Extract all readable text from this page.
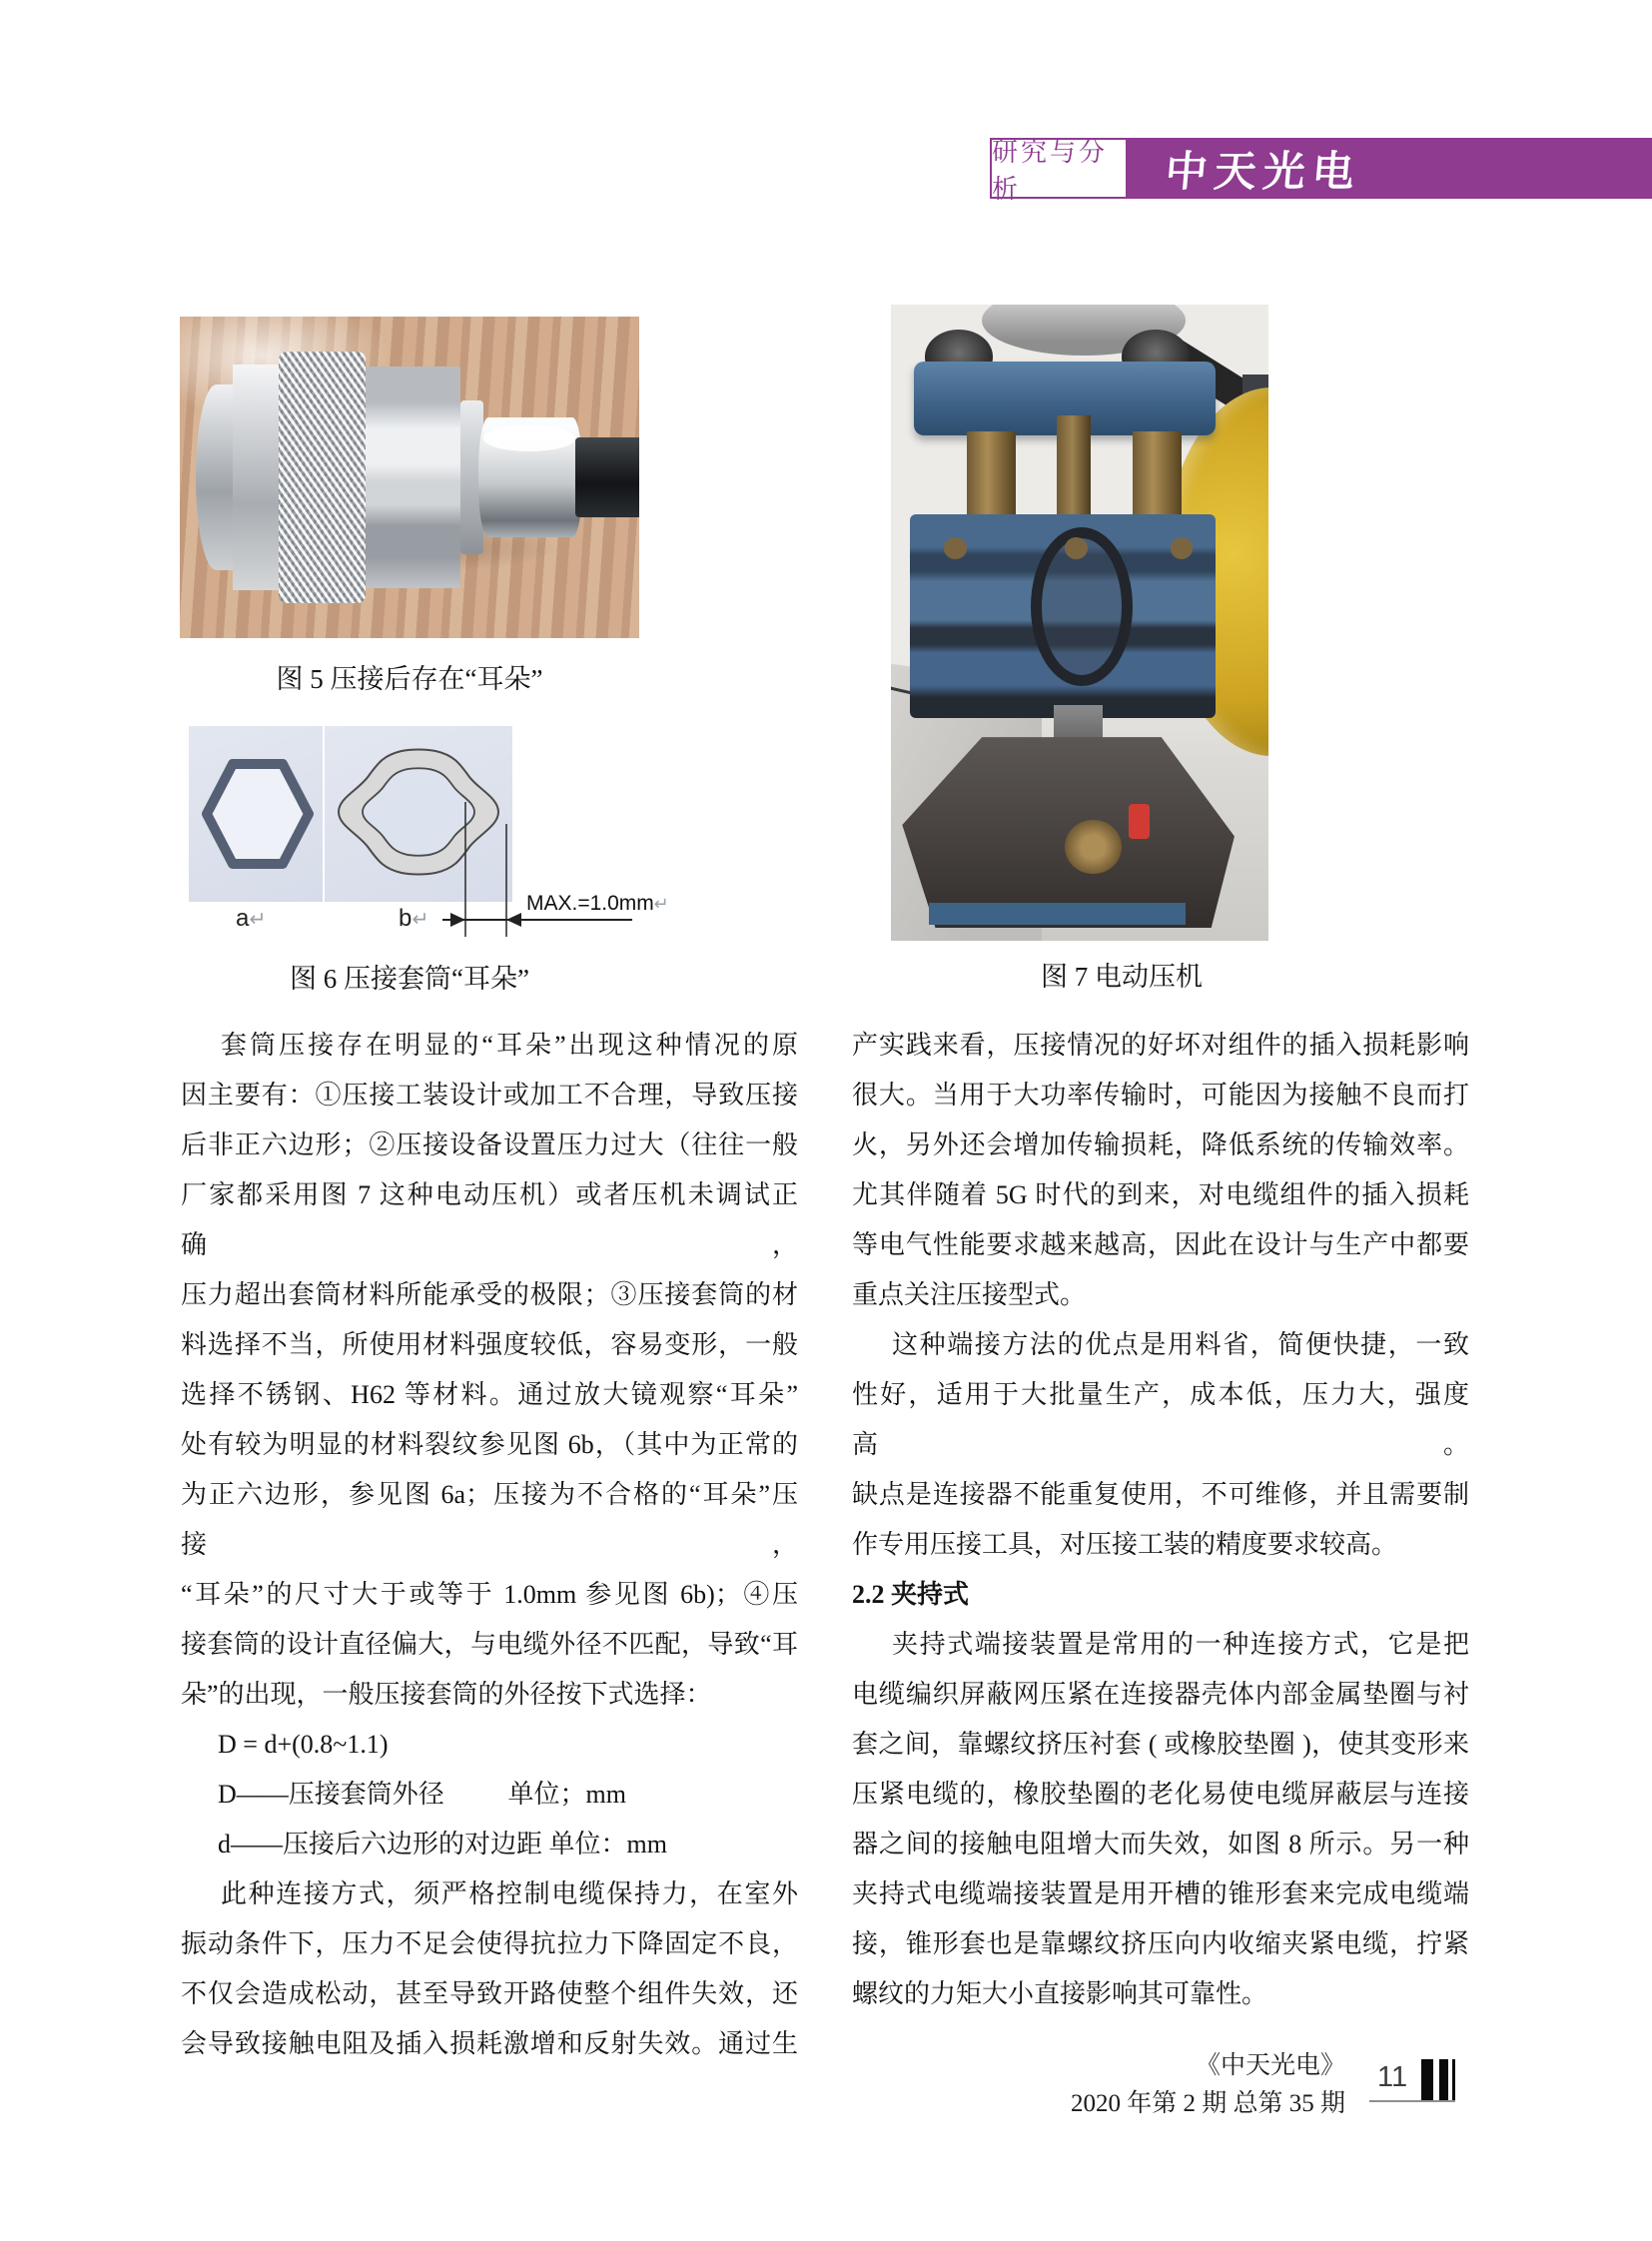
研究与分析	中天光电
图 5 压接后存在“耳朵”
MAX.=1.0mm↵
a↵	b↵
图 6 压接套筒“耳朵”	图 7 电动压机
套筒压接存在明显的“耳朵”出现这种情况的原
因主要有：①压接工装设计或加工不合理，导致压接
后非正六边形；②压接设备设置压力过大（往往一般
厂家都采用图 7 这种电动压机）或者压机未调试正确，
压力超出套筒材料所能承受的极限；③压接套筒的材
料选择不当，所使用材料强度较低，容易变形，一般
选择不锈钢、H62 等材料。通过放大镜观察“耳朵”
处有较为明显的材料裂纹参见图 6b，（其中为正常的
为正六边形，参见图 6a；压接为不合格的“耳朵”压接，
“耳朵”的尺寸大于或等于 1.0mm 参见图 6b)；④压
接套筒的设计直径偏大，与电缆外径不匹配，导致“耳
朵”的出现，一般压接套筒的外径按下式选择：
D = d+(0.8~1.1)
D——压接套筒外径 单位；mm
d——压接后六边形的对边距 单位：mm
此种连接方式，须严格控制电缆保持力，在室外
振动条件下，压力不足会使得抗拉力下降固定不良，
不仅会造成松动，甚至导致开路使整个组件失效，还
会导致接触电阻及插入损耗激增和反射失效。通过生
产实践来看，压接情况的好坏对组件的插入损耗影响
很大。当用于大功率传输时，可能因为接触不良而打
火，另外还会增加传输损耗，降低系统的传输效率。
尤其伴随着 5G 时代的到来，对电缆组件的插入损耗
等电气性能要求越来越高，因此在设计与生产中都要
重点关注压接型式。
这种端接方法的优点是用料省，简便快捷，一致
性好，适用于大批量生产，成本低，压力大，强度高。
缺点是连接器不能重复使用，不可维修，并且需要制
作专用压接工具，对压接工装的精度要求较高。
2.2 夹持式
夹持式端接装置是常用的一种连接方式，它是把
电缆编织屏蔽网压紧在连接器壳体内部金属垫圈与衬
套之间，靠螺纹挤压衬套 ( 或橡胶垫圈 )，使其变形来
压紧电缆的，橡胶垫圈的老化易使电缆屏蔽层与连接
器之间的接触电阻增大而失效，如图 8 所示。另一种
夹持式电缆端接装置是用开槽的锥形套来完成电缆端
接，锥形套也是靠螺纹挤压向内收缩夹紧电缆，拧紧
螺纹的力矩大小直接影响其可靠性。
《中天光电》
2020 年第 2 期 总第 35 期
11
